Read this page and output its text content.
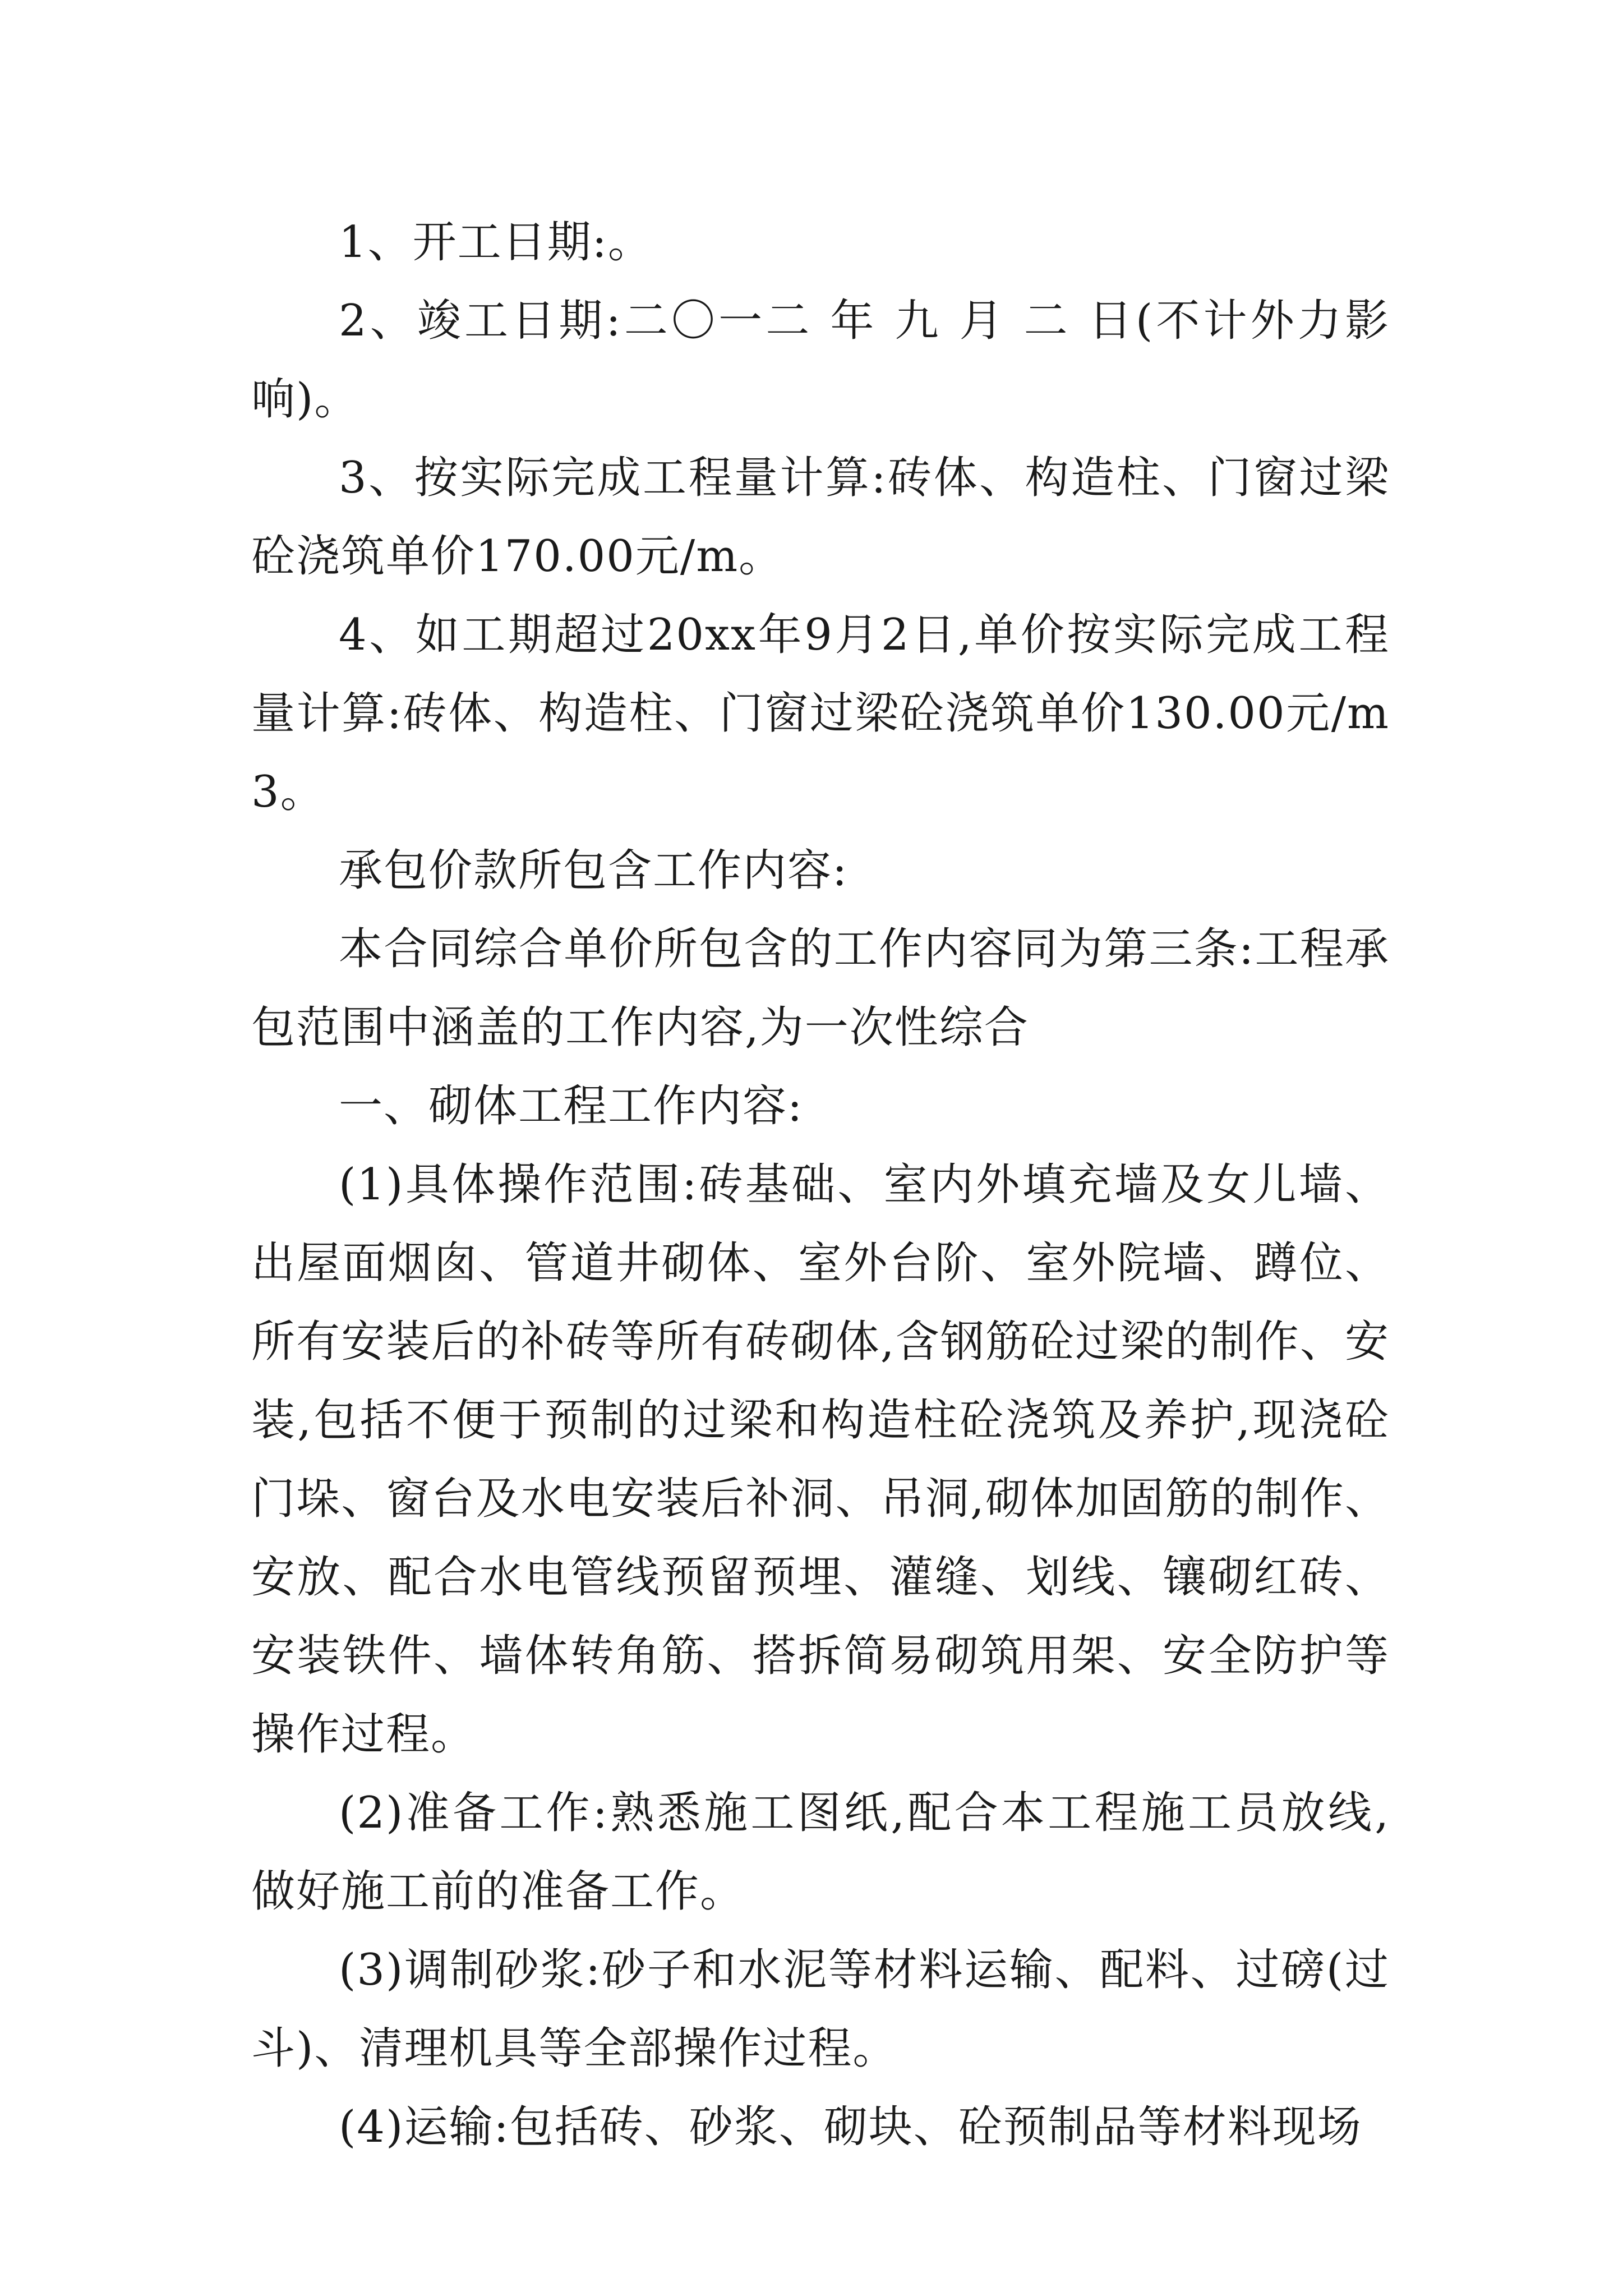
1、开工日期:。

2、竣工日期:二〇一二 年 九 月 二 日(不计外力影响)。

3、按实际完成工程量计算:砖体、构造柱、门窗过梁砼浇筑单价170.00元/m。

4、如工期超过20xx年9月2日,单价按实际完成工程量计算:砖体、构造柱、门窗过梁砼浇筑单价130.00元/m3。

承包价款所包含工作内容:

本合同综合单价所包含的工作内容同为第三条:工程承包范围中涵盖的工作内容,为一次性综合

一、砌体工程工作内容:

(1)具体操作范围:砖基础、室内外填充墙及女儿墙、出屋面烟囱、管道井砌体、室外台阶、室外院墙、蹲位、所有安装后的补砖等所有砖砌体,含钢筋砼过梁的制作、安装,包括不便于预制的过梁和构造柱砼浇筑及养护,现浇砼门垛、窗台及水电安装后补洞、吊洞,砌体加固筋的制作、安放、配合水电管线预留预埋、灌缝、划线、镶砌红砖、安装铁件、墙体转角筋、搭拆简易砌筑用架、安全防护等操作过程。

(2)准备工作:熟悉施工图纸,配合本工程施工员放线,做好施工前的准备工作。

(3)调制砂浆:砂子和水泥等材料运输、配料、过磅(过斗)、清理机具等全部操作过程。

(4)运输:包括砖、砂浆、砌块、砼预制品等材料现场
